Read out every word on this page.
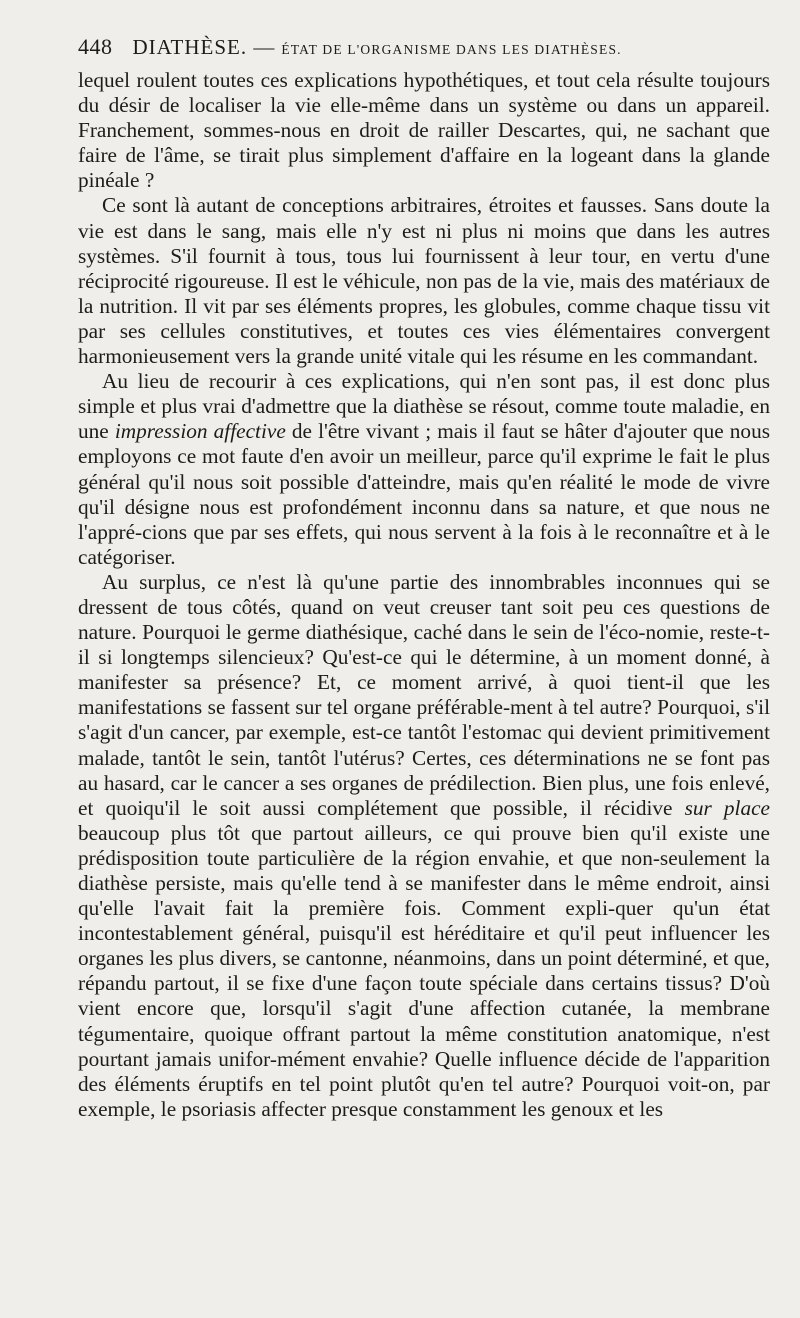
448 DIATHÈSE. — ÉTAT DE L'ORGANISME DANS LES DIATHÈSES.

lequel roulent toutes ces explications hypothétiques, et tout cela résulte toujours du désir de localiser la vie elle-même dans un système ou dans un appareil. Franchement, sommes-nous en droit de railler Descartes, qui, ne sachant que faire de l'âme, se tirait plus simplement d'affaire en la logeant dans la glande pinéale ?

Ce sont là autant de conceptions arbitraires, étroites et fausses. Sans doute la vie est dans le sang, mais elle n'y est ni plus ni moins que dans les autres systèmes. S'il fournit à tous, tous lui fournissent à leur tour, en vertu d'une réciprocité rigoureuse. Il est le véhicule, non pas de la vie, mais des matériaux de la nutrition. Il vit par ses éléments propres, les globules, comme chaque tissu vit par ses cellules constitutives, et toutes ces vies élémentaires convergent harmonieusement vers la grande unité vitale qui les résume en les commandant.

Au lieu de recourir à ces explications, qui n'en sont pas, il est donc plus simple et plus vrai d'admettre que la diathèse se résout, comme toute maladie, en une impression affective de l'être vivant ; mais il faut se hâter d'ajouter que nous employons ce mot faute d'en avoir un meilleur, parce qu'il exprime le fait le plus général qu'il nous soit possible d'atteindre, mais qu'en réalité le mode de vivre qu'il désigne nous est profondément inconnu dans sa nature, et que nous ne l'appré-cions que par ses effets, qui nous servent à la fois à le reconnaître et à le catégoriser.

Au surplus, ce n'est là qu'une partie des innombrables inconnues qui se dressent de tous côtés, quand on veut creuser tant soit peu ces questions de nature. Pourquoi le germe diathésique, caché dans le sein de l'éco-nomie, reste-t-il si longtemps silencieux? Qu'est-ce qui le détermine, à un moment donné, à manifester sa présence? Et, ce moment arrivé, à quoi tient-il que les manifestations se fassent sur tel organe préférable-ment à tel autre? Pourquoi, s'il s'agit d'un cancer, par exemple, est-ce tantôt l'estomac qui devient primitivement malade, tantôt le sein, tantôt l'utérus? Certes, ces déterminations ne se font pas au hasard, car le cancer a ses organes de prédilection. Bien plus, une fois enlevé, et quoiqu'il le soit aussi complétement que possible, il récidive sur place beaucoup plus tôt que partout ailleurs, ce qui prouve bien qu'il existe une prédisposition toute particulière de la région envahie, et que non-seulement la diathèse persiste, mais qu'elle tend à se manifester dans le même endroit, ainsi qu'elle l'avait fait la première fois. Comment expli-quer qu'un état incontestablement général, puisqu'il est héréditaire et qu'il peut influencer les organes les plus divers, se cantonne, néanmoins, dans un point déterminé, et que, répandu partout, il se fixe d'une façon toute spéciale dans certains tissus? D'où vient encore que, lorsqu'il s'agit d'une affection cutanée, la membrane tégumentaire, quoique offrant partout la même constitution anatomique, n'est pourtant jamais unifor-mément envahie? Quelle influence décide de l'apparition des éléments éruptifs en tel point plutôt qu'en tel autre? Pourquoi voit-on, par exemple, le psoriasis affecter presque constamment les genoux et les
